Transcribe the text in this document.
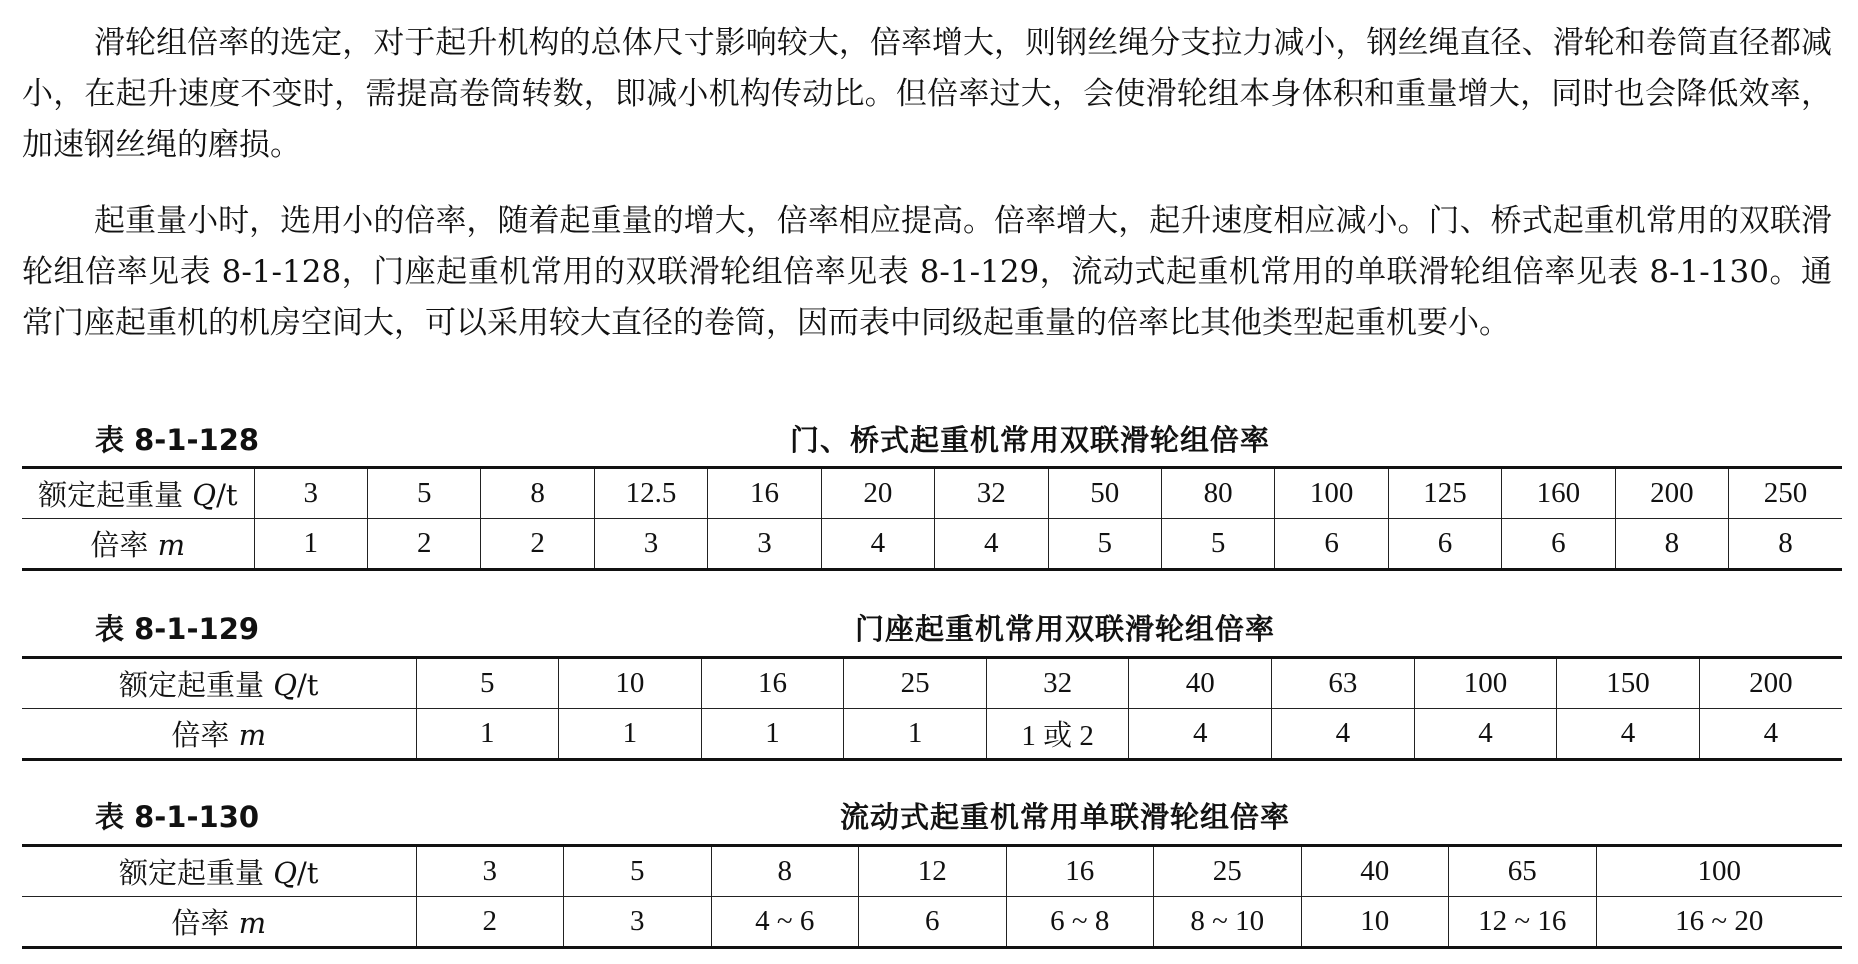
滑轮组倍率的选定，对于起升机构的总体尺寸影响较大，倍率增大，则钢丝绳分支拉力减小，钢丝绳直径、滑轮和卷筒直径都减小，在起升速度不变时，需提高卷筒转数，即减小机构传动比。但倍率过大，会使滑轮组本身体积和重量增大，同时也会降低效率，加速钢丝绳的磨损。

起重量小时，选用小的倍率，随着起重量的增大，倍率相应提高。倍率增大，起升速度相应减小。门、桥式起重机常用的双联滑轮组倍率见表 8-1-128，门座起重机常用的双联滑轮组倍率见表 8-1-129，流动式起重机常用的单联滑轮组倍率见表 8-1-130。通常门座起重机的机房空间大，可以采用较大直径的卷筒，因而表中同级起重量的倍率比其他类型起重机要小。

表 8-1-128	门、桥式起重机常用双联滑轮组倍率
额定起重量 Q/t	3	5	8	12.5	16	20	32	50	80	100	125	160	200	250
倍率 m	1	2	2	3	3	4	4	5	5	6	6	6	8	8
表 8-1-129	门座起重机常用双联滑轮组倍率
额定起重量 Q/t	5	10	16	25	32	40	63	100	150	200
倍率 m	1	1	1	1	1 或 2	4	4	4	4	4
表 8-1-130	流动式起重机常用单联滑轮组倍率
额定起重量 Q/t	3	5	8	12	16	25	40	65	100
倍率 m	2	3	4 ~ 6	6	6 ~ 8	8 ~ 10	10	12 ~ 16	16 ~ 20
